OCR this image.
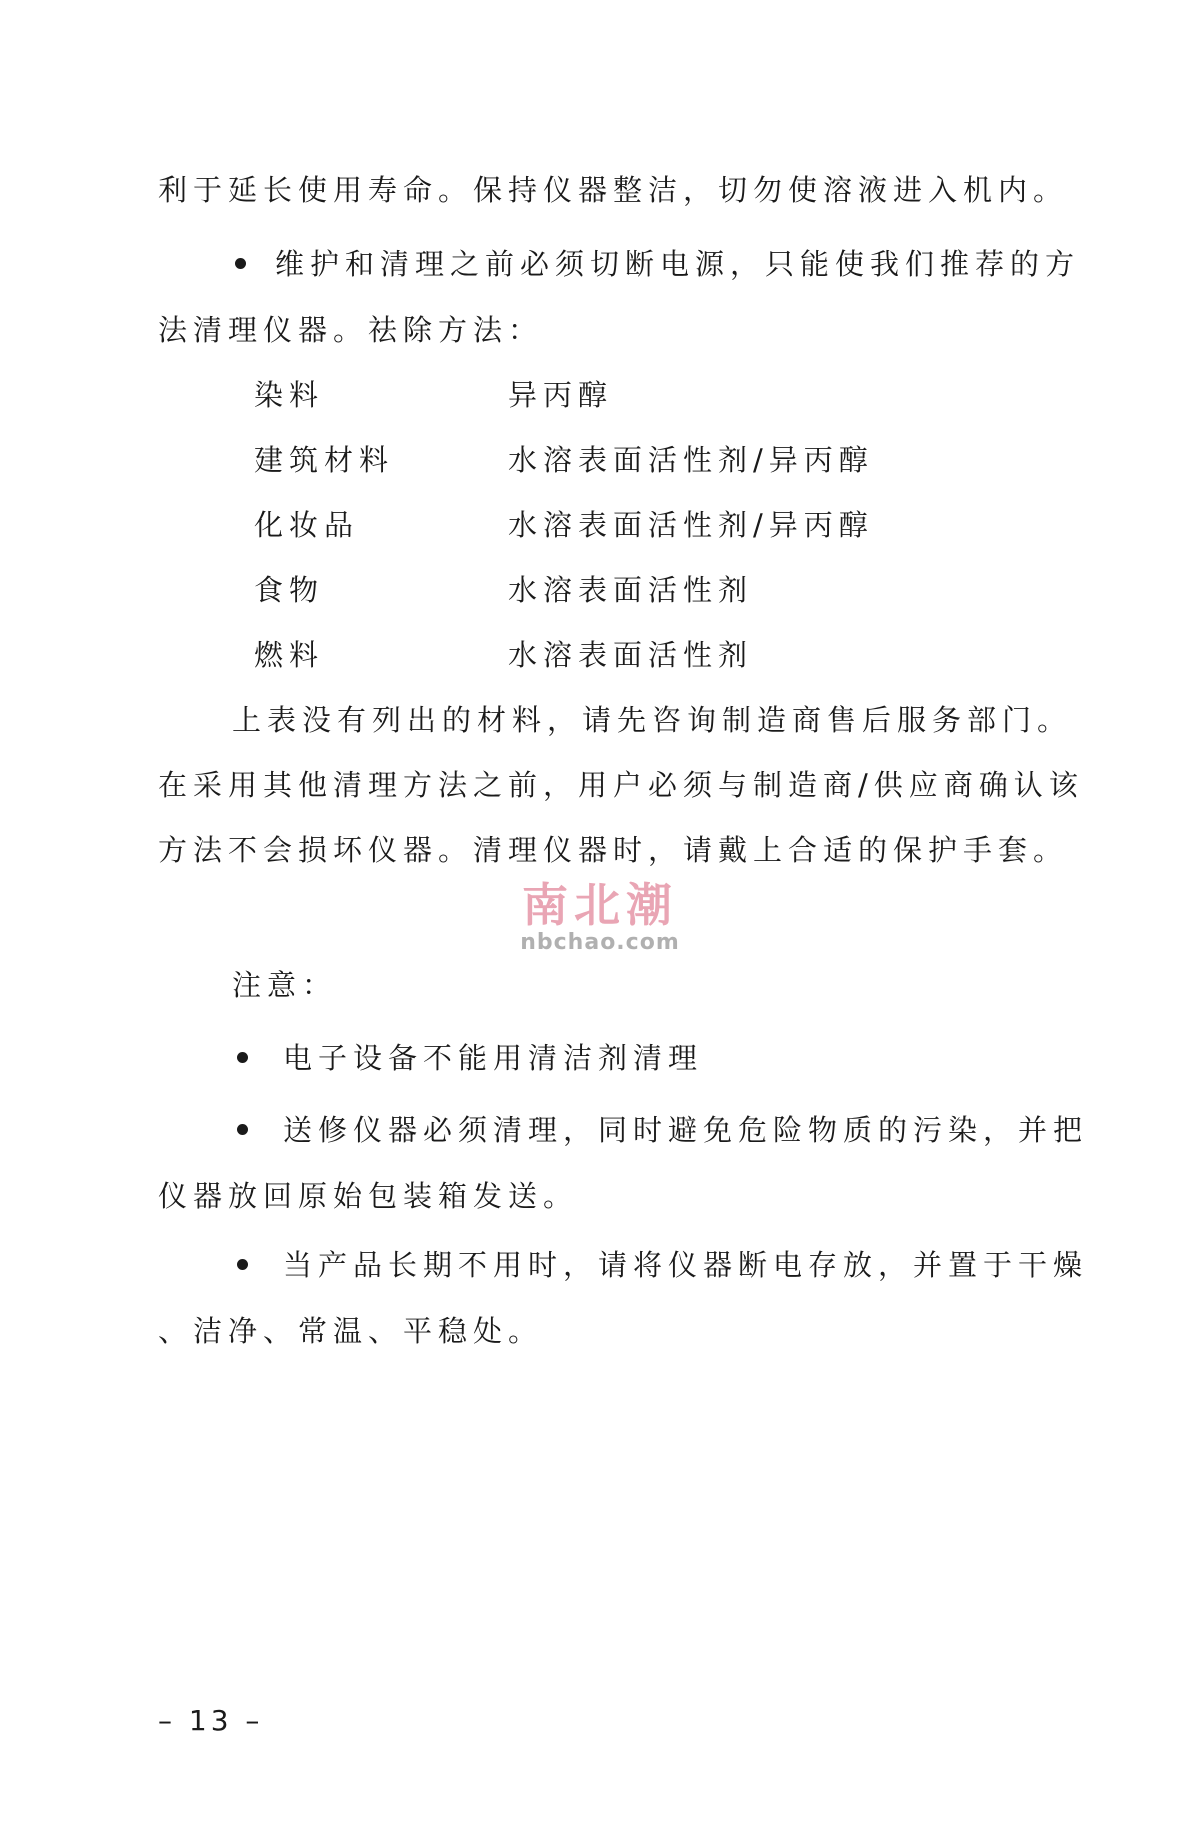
利于延长使用寿命。保持仪器整洁，切勿使溶液进入机内。
维护和清理之前必须切断电源，只能使我们推荐的方
法清理仪器。祛除方法：
染料	异丙醇
建筑材料	水溶表面活性剂/异丙醇
化妆品	水溶表面活性剂/异丙醇
食物	水溶表面活性剂
燃料	水溶表面活性剂
上表没有列出的材料，请先咨询制造商售后服务部门。
在采用其他清理方法之前，用户必须与制造商/供应商确认该
方法不会损坏仪器。清理仪器时，请戴上合适的保护手套。
南北潮
nbchao.com
注意：
电子设备不能用清洁剂清理
送修仪器必须清理，同时避免危险物质的污染，并把
仪器放回原始包装箱发送。
当产品长期不用时，请将仪器断电存放，并置于干燥
、洁净、常温、平稳处。
– 13 –
